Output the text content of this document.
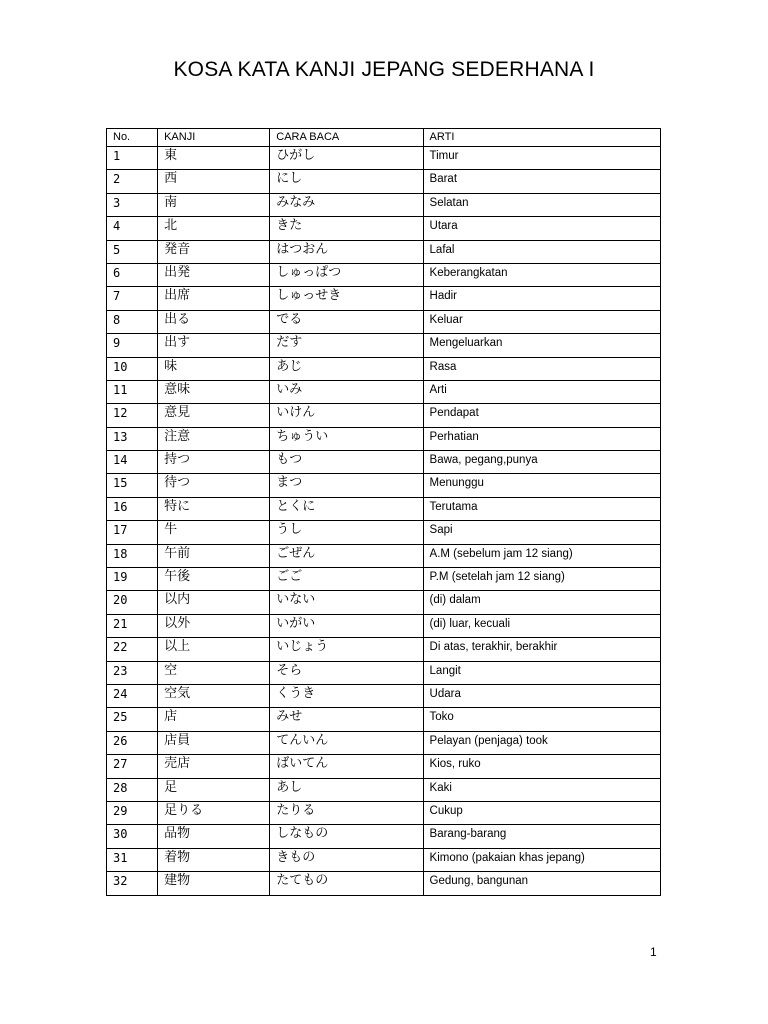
KOSA KATA KANJI JEPANG SEDERHANA I
No.	KANJI	CARA BACA	ARTI
1	東	ひがし	Timur
2	西	にし	Barat
3	南	みなみ	Selatan
4	北	きた	Utara
5	発音	はつおん	Lafal
6	出発	しゅっぱつ	Keberangkatan
7	出席	しゅっせき	Hadir
8	出る	でる	Keluar
9	出す	だす	Mengeluarkan
10	味	あじ	Rasa
11	意味	いみ	Arti
12	意見	いけん	Pendapat
13	注意	ちゅうい	Perhatian
14	持つ	もつ	Bawa, pegang,punya
15	待つ	まつ	Menunggu
16	特に	とくに	Terutama
17	牛	うし	Sapi
18	午前	ごぜん	A.M (sebelum jam 12 siang)
19	午後	ごご	P.M (setelah jam 12 siang)
20	以内	いない	(di) dalam
21	以外	いがい	(di) luar, kecuali
22	以上	いじょう	Di atas, terakhir, berakhir
23	空	そら	Langit
24	空気	くうき	Udara
25	店	みせ	Toko
26	店員	てんいん	Pelayan (penjaga) took
27	売店	ばいてん	Kios, ruko
28	足	あし	Kaki
29	足りる	たりる	Cukup
30	品物	しなもの	Barang-barang
31	着物	きもの	Kimono (pakaian khas jepang)
32	建物	たてもの	Gedung, bangunan
1
